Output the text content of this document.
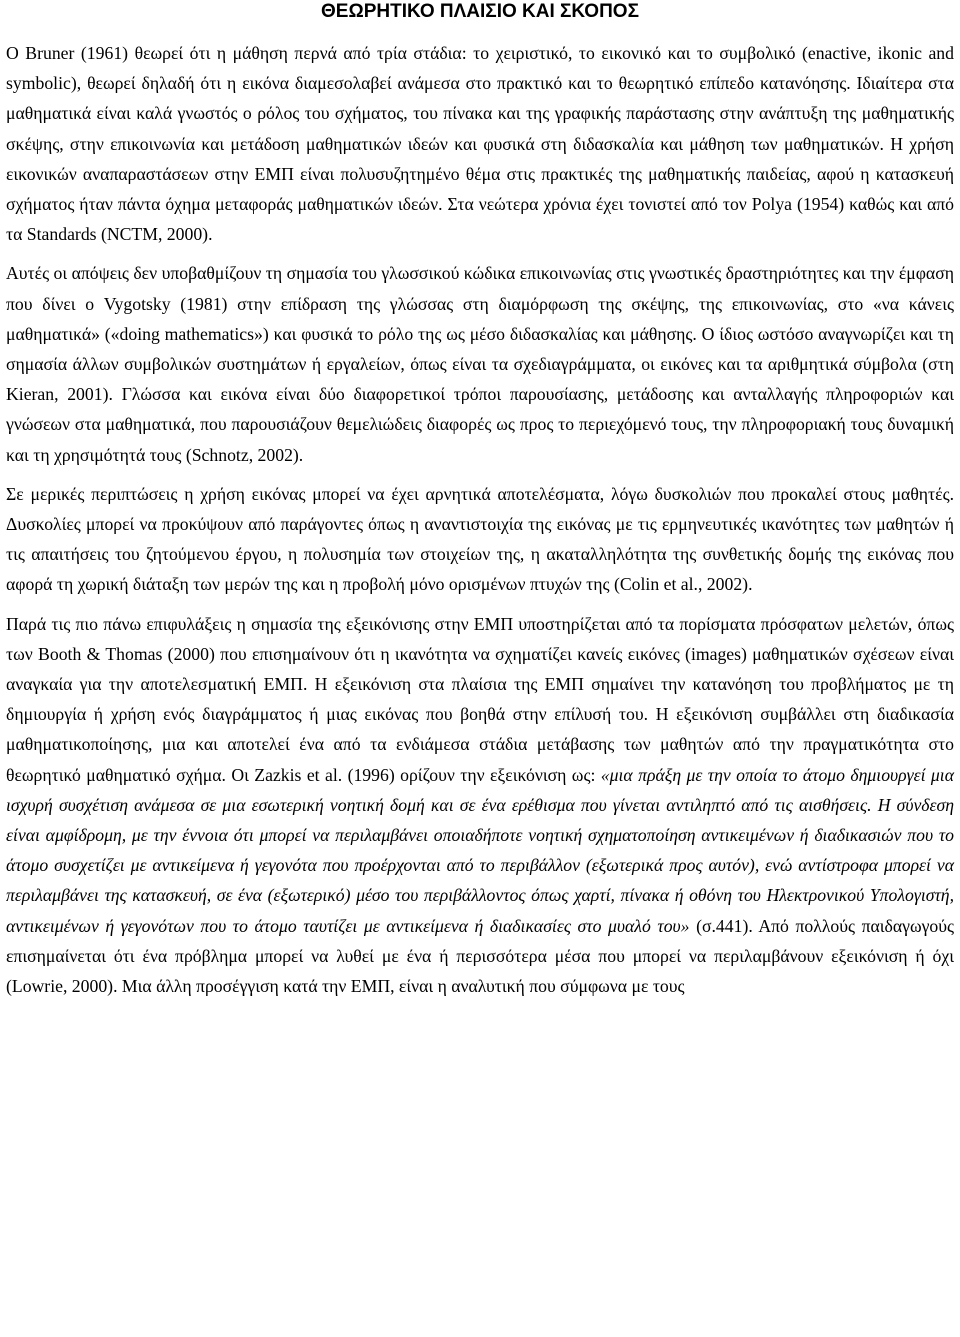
ΘΕΩΡΗΤΙΚΟ ΠΛΑΙΣΙΟ ΚΑΙ ΣΚΟΠΟΣ

Ο Bruner (1961) θεωρεί ότι η μάθηση περνά από τρία στάδια: το χειριστικό, το εικονικό και το συμβολικό (enactive, ikonic and symbolic), θεωρεί δηλαδή ότι η εικόνα διαμεσολαβεί ανάμεσα στο πρακτικό και το θεωρητικό επίπεδο κατανόησης. Ιδιαίτερα στα μαθηματικά είναι καλά γνωστός ο ρόλος του σχήματος, του πίνακα και της γραφικής παράστασης στην ανάπτυξη της μαθηματικής σκέψης, στην επικοινωνία και μετάδοση μαθηματικών ιδεών και φυσικά στη διδασκαλία και μάθηση των μαθηματικών. Η χρήση εικονικών αναπαραστάσεων στην ΕΜΠ είναι πολυσυζητημένο θέμα στις πρακτικές της μαθηματικής παιδείας, αφού η κατασκευή σχήματος ήταν πάντα όχημα μεταφοράς μαθηματικών ιδεών. Στα νεώτερα χρόνια έχει τονιστεί από τον Polya (1954) καθώς και από τα Standards (NCTM, 2000).

Αυτές οι απόψεις δεν υποβαθμίζουν τη σημασία του γλωσσικού κώδικα επικοινωνίας στις γνωστικές δραστηριότητες και την έμφαση που δίνει ο Vygotsky (1981) στην επίδραση της γλώσσας στη διαμόρφωση της σκέψης, της επικοινωνίας, στο «να κάνεις μαθηματικά» («doing mathematics») και φυσικά το ρόλο της ως μέσο διδασκαλίας και μάθησης. Ο ίδιος ωστόσο αναγνωρίζει και τη σημασία άλλων συμβολικών συστημάτων ή εργαλείων, όπως είναι τα σχεδιαγράμματα, οι εικόνες και τα αριθμητικά σύμβολα (στη Kieran, 2001). Γλώσσα και εικόνα είναι δύο διαφορετικοί τρόποι παρουσίασης, μετάδοσης και ανταλλαγής πληροφοριών και γνώσεων στα μαθηματικά, που παρουσιάζουν θεμελιώδεις διαφορές ως προς το περιεχόμενό τους, την πληροφοριακή τους δυναμική και τη χρησιμότητά τους (Schnotz, 2002).

Σε μερικές περιπτώσεις η χρήση εικόνας μπορεί να έχει αρνητικά αποτελέσματα, λόγω δυσκολιών που προκαλεί στους μαθητές. Δυσκολίες μπορεί να προκύψουν από παράγοντες όπως η αναντιστοιχία της εικόνας με τις ερμηνευτικές ικανότητες των μαθητών ή τις απαιτήσεις του ζητούμενου έργου, η πολυσημία των στοιχείων της, η ακαταλληλότητα της συνθετικής δομής της εικόνας που αφορά τη χωρική διάταξη των μερών της και η προβολή μόνο ορισμένων πτυχών της (Colin et al., 2002).

Παρά τις πιο πάνω επιφυλάξεις η σημασία της εξεικόνισης στην ΕΜΠ υποστηρίζεται από τα πορίσματα πρόσφατων μελετών, όπως των Booth & Thomas (2000) που επισημαίνουν ότι η ικανότητα να σχηματίζει κανείς εικόνες (images) μαθηματικών σχέσεων είναι αναγκαία για την αποτελεσματική ΕΜΠ. Η εξεικόνιση στα πλαίσια της ΕΜΠ σημαίνει την κατανόηση του προβλήματος με τη δημιουργία ή χρήση ενός διαγράμματος ή μιας εικόνας που βοηθά στην επίλυσή του. Η εξεικόνιση συμβάλλει στη διαδικασία μαθηματικοποίησης, μια και αποτελεί ένα από τα ενδιάμεσα στάδια μετάβασης των μαθητών από την πραγματικότητα στο θεωρητικό μαθηματικό σχήμα. Οι Zazkis et al. (1996) ορίζουν την εξεικόνιση ως: «μια πράξη με την οποία το άτομο δημιουργεί μια ισχυρή συσχέτιση ανάμεσα σε μια εσωτερική νοητική δομή και σε ένα ερέθισμα που γίνεται αντιληπτό από τις αισθήσεις. Η σύνδεση είναι αμφίδρομη, με την έννοια ότι μπορεί να περιλαμβάνει οποιαδήποτε νοητική σχηματοποίηση αντικειμένων ή διαδικασιών που το άτομο συσχετίζει με αντικείμενα ή γεγονότα που προέρχονται από το περιβάλλον (εξωτερικά προς αυτόν), ενώ αντίστροφα μπορεί να περιλαμβάνει της κατασκευή, σε ένα (εξωτερικό) μέσο του περιβάλλοντος όπως χαρτί, πίνακα ή οθόνη του Ηλεκτρονικού Υπολογιστή, αντικειμένων ή γεγονότων που το άτομο ταυτίζει με αντικείμενα ή διαδικασίες στο μυαλό του» (σ.441). Από πολλούς παιδαγωγούς επισημαίνεται ότι ένα πρόβλημα μπορεί να λυθεί με ένα ή περισσότερα μέσα που μπορεί να περιλαμβάνουν εξεικόνιση ή όχι (Lowrie, 2000). Μια άλλη προσέγγιση κατά την ΕΜΠ, είναι η αναλυτική που σύμφωνα με τους
